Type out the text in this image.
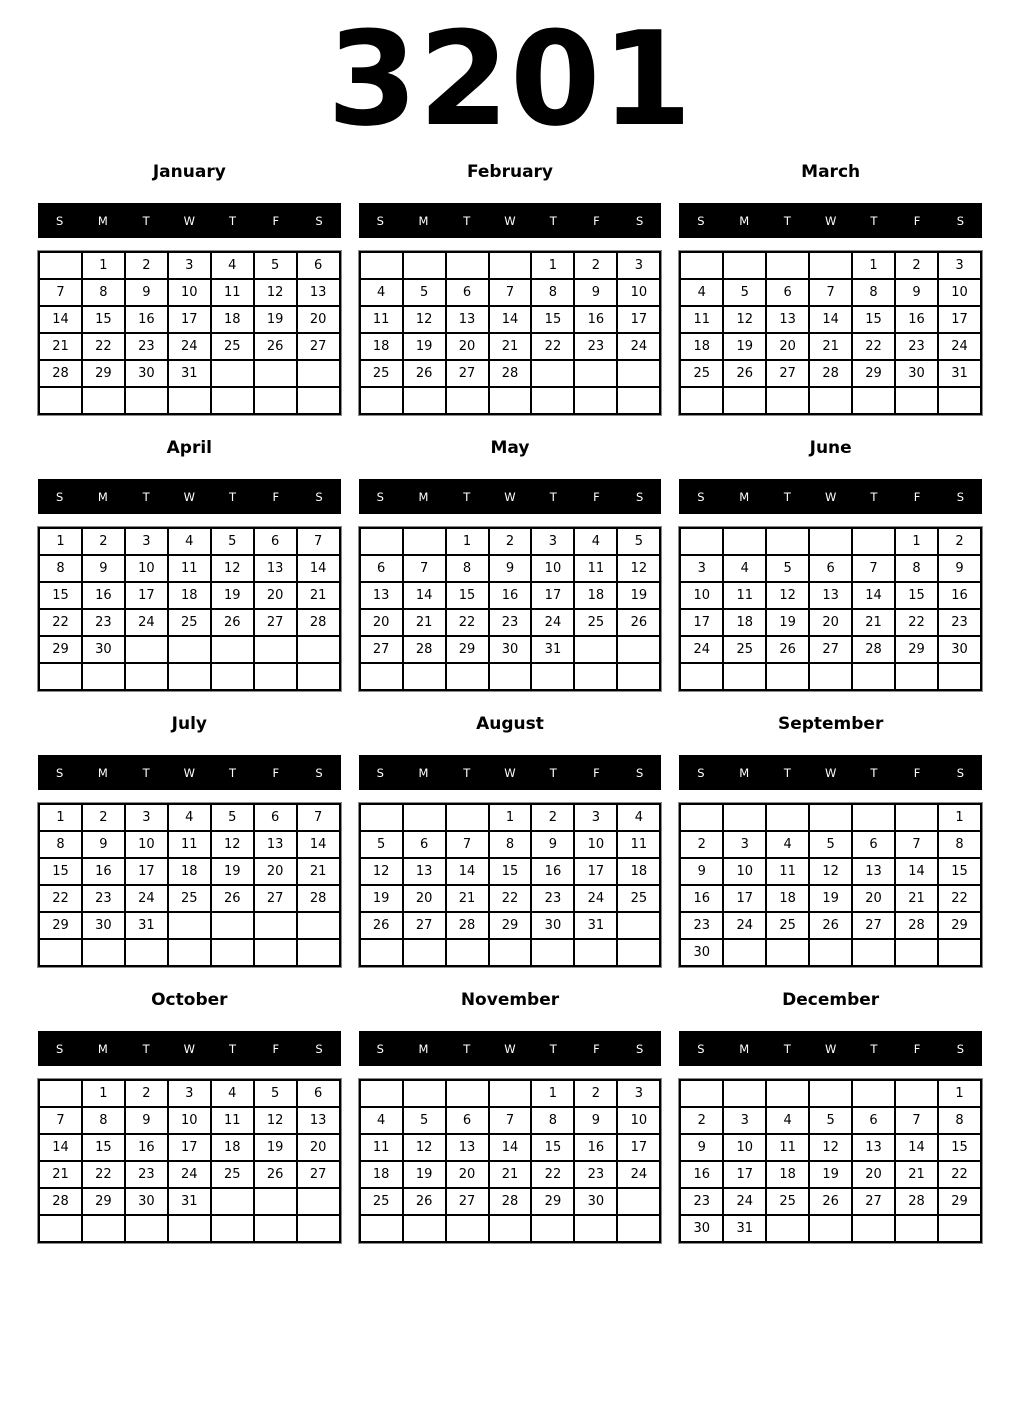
3201
January
S	M	T	W	T	F	S
	1	2	3	4	5	6
7	8	9	10	11	12	13
14	15	16	17	18	19	20
21	22	23	24	25	26	27
28	29	30	31			

February
S	M	T	W	T	F	S
				1	2	3
4	5	6	7	8	9	10
11	12	13	14	15	16	17
18	19	20	21	22	23	24
25	26	27	28			

March
S	M	T	W	T	F	S
				1	2	3
4	5	6	7	8	9	10
11	12	13	14	15	16	17
18	19	20	21	22	23	24
25	26	27	28	29	30	31

April
S	M	T	W	T	F	S
1	2	3	4	5	6	7
8	9	10	11	12	13	14
15	16	17	18	19	20	21
22	23	24	25	26	27	28
29	30					

May
S	M	T	W	T	F	S
		1	2	3	4	5
6	7	8	9	10	11	12
13	14	15	16	17	18	19
20	21	22	23	24	25	26
27	28	29	30	31		

June
S	M	T	W	T	F	S
					1	2
3	4	5	6	7	8	9
10	11	12	13	14	15	16
17	18	19	20	21	22	23
24	25	26	27	28	29	30

July
S	M	T	W	T	F	S
1	2	3	4	5	6	7
8	9	10	11	12	13	14
15	16	17	18	19	20	21
22	23	24	25	26	27	28
29	30	31				

August
S	M	T	W	T	F	S
			1	2	3	4
5	6	7	8	9	10	11
12	13	14	15	16	17	18
19	20	21	22	23	24	25
26	27	28	29	30	31	

September
S	M	T	W	T	F	S
						1
2	3	4	5	6	7	8
9	10	11	12	13	14	15
16	17	18	19	20	21	22
23	24	25	26	27	28	29
30						
October
S	M	T	W	T	F	S
	1	2	3	4	5	6
7	8	9	10	11	12	13
14	15	16	17	18	19	20
21	22	23	24	25	26	27
28	29	30	31			

November
S	M	T	W	T	F	S
				1	2	3
4	5	6	7	8	9	10
11	12	13	14	15	16	17
18	19	20	21	22	23	24
25	26	27	28	29	30	

December
S	M	T	W	T	F	S
						1
2	3	4	5	6	7	8
9	10	11	12	13	14	15
16	17	18	19	20	21	22
23	24	25	26	27	28	29
30	31					
